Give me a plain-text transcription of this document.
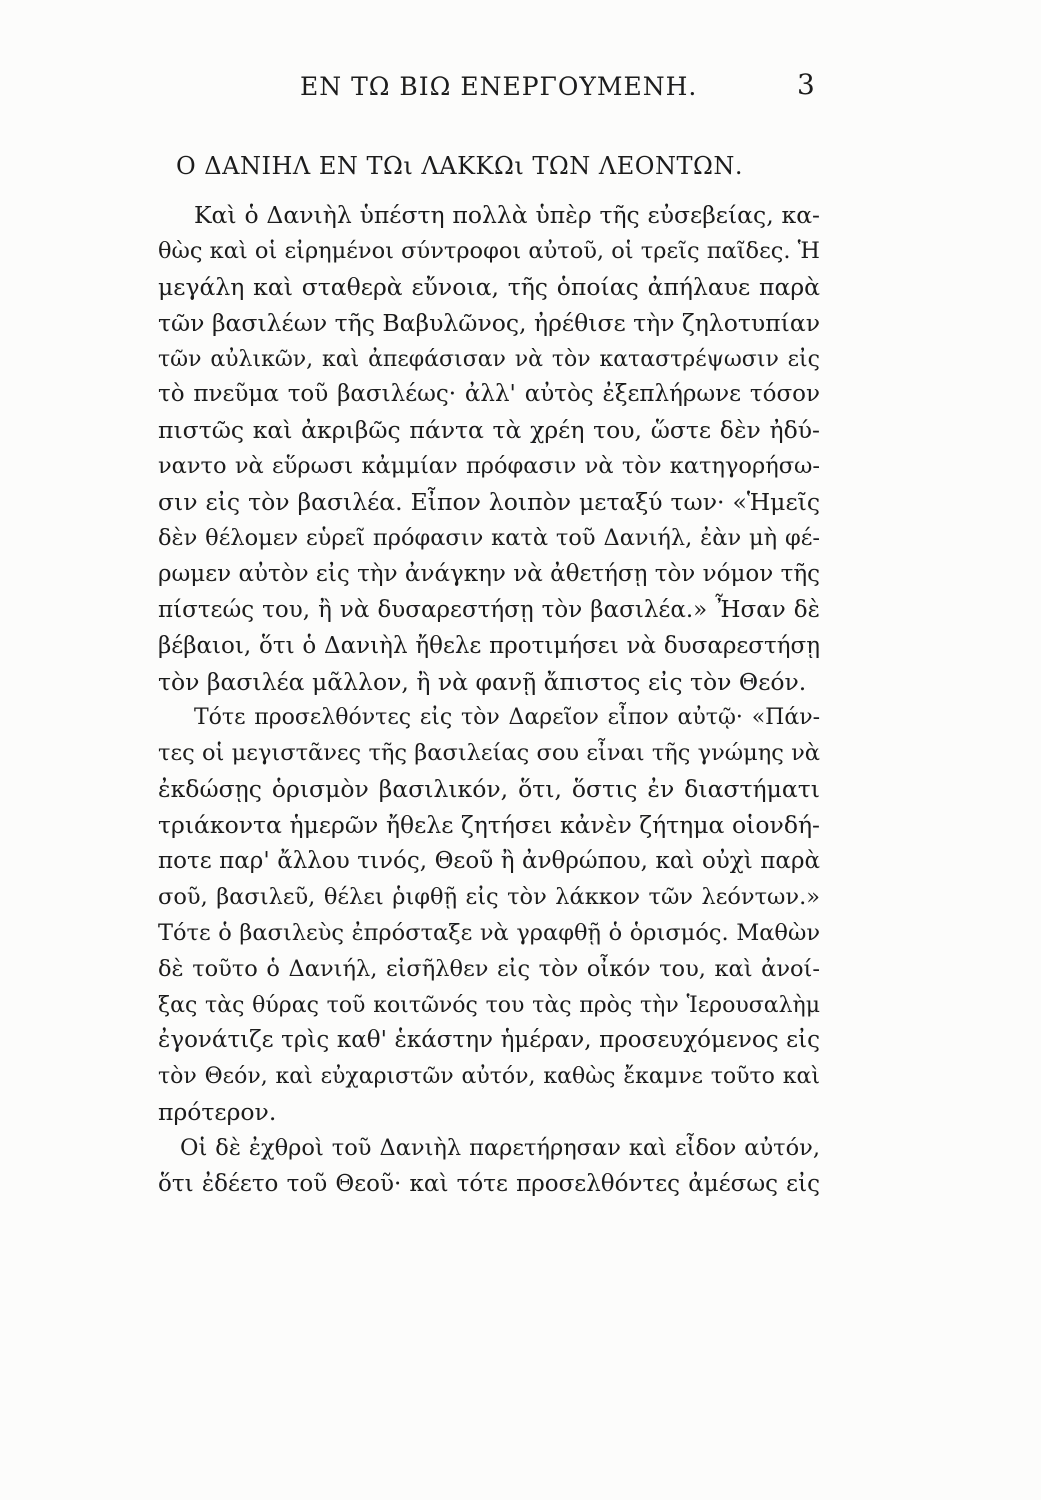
ΕΝ ΤΩ ΒΙΩ ΕΝΕΡΓΟΥΜΕΝΗ.	3
Ο ΔΑΝΙΗΛ ΕΝ ΤΩι ΛΑΚΚΩι ΤΩΝ ΛΕΟΝΤΩΝ.
Καὶ ὁ Δανιὴλ ὑπέστη πολλὰ ὑπὲρ τῆς εὐσεβείας, κα-
θὼς καὶ οἱ εἰρημένοι σύντροφοι αὐτοῦ, οἱ τρεῖς παῖδες. Ἡ
μεγάλη καὶ σταθερὰ εὔνοια, τῆς ὁποίας ἀπήλαυε παρὰ
τῶν βασιλέων τῆς Βαβυλῶνος, ἠρέθισε τὴν ζηλοτυπίαν
τῶν αὐλικῶν, καὶ ἀπεφάσισαν νὰ τὸν καταστρέψωσιν εἰς
τὸ πνεῦμα τοῦ βασιλέως· ἀλλ' αὐτὸς ἐξεπλήρωνε τόσον
πιστῶς καὶ ἀκριβῶς πάντα τὰ χρέη του, ὥστε δὲν ἠδύ-
ναντο νὰ εὕρωσι κἀμμίαν πρόφασιν νὰ τὸν κατηγορήσω-
σιν εἰς τὸν βασιλέα. Εἶπον λοιπὸν μεταξύ των· «Ἡμεῖς
δὲν θέλομεν εὑρεῖ πρόφασιν κατὰ τοῦ Δανιήλ, ἐὰν μὴ φέ-
ρωμεν αὐτὸν εἰς τὴν ἀνάγκην νὰ ἀθετήσῃ τὸν νόμον τῆς
πίστεώς του, ἢ νὰ δυσαρεστήσῃ τὸν βασιλέα.» Ἦσαν δὲ
βέβαιοι, ὅτι ὁ Δανιὴλ ἤθελε προτιμήσει νὰ δυσαρεστήσῃ
τὸν βασιλέα μᾶλλον, ἢ νὰ φανῇ ἄπιστος εἰς τὸν Θεόν.
Τότε προσελθόντες εἰς τὸν Δαρεῖον εἶπον αὐτῷ· «Πάν-
τες οἱ μεγιστᾶνες τῆς βασιλείας σου εἶναι τῆς γνώμης νὰ
ἐκδώσῃς ὁρισμὸν βασιλικόν, ὅτι, ὅστις ἐν διαστήματι
τριάκοντα ἡμερῶν ἤθελε ζητήσει κἀνὲν ζήτημα οἱονδή-
ποτε παρ' ἄλλου τινός, Θεοῦ ἢ ἀνθρώπου, καὶ οὐχὶ παρὰ
σοῦ, βασιλεῦ, θέλει ῥιφθῇ εἰς τὸν λάκκον τῶν λεόντων.»
Τότε ὁ βασιλεὺς ἐπρόσταξε νὰ γραφθῇ ὁ ὁρισμός. Μαθὼν
δὲ τοῦτο ὁ Δανιήλ, εἰσῆλθεν εἰς τὸν οἶκόν του, καὶ ἀνοί-
ξας τὰς θύρας τοῦ κοιτῶνός του τὰς πρὸς τὴν Ἱερουσαλὴμ
ἐγονάτιζε τρὶς καθ' ἑκάστην ἡμέραν, προσευχόμενος εἰς
τὸν Θεόν, καὶ εὐχαριστῶν αὐτόν, καθὼς ἔκαμνε τοῦτο καὶ
πρότερον.
Οἱ δὲ ἐχθροὶ τοῦ Δανιὴλ παρετήρησαν καὶ εἶδον αὐτόν,
ὅτι ἐδέετο τοῦ Θεοῦ· καὶ τότε προσελθόντες ἀμέσως εἰς
